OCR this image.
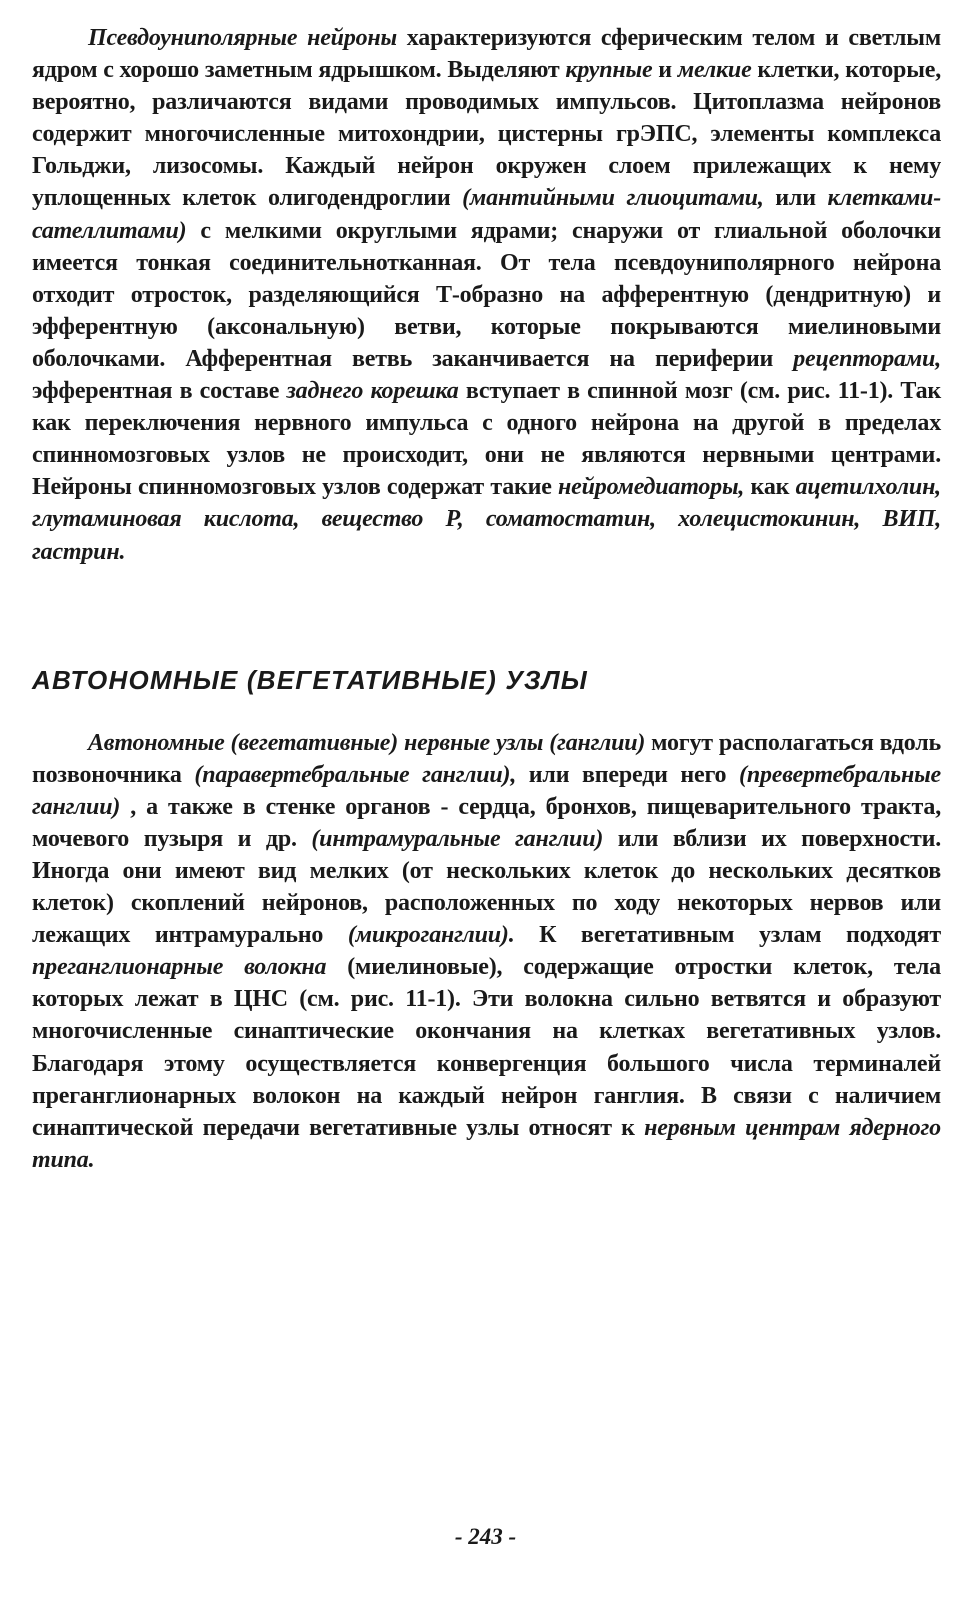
Псевдоуниполярные нейроны характеризуются сферическим телом и светлым ядром с хорошо заметным ядрышком. Выделяют крупные и мелкие клетки, которые, вероятно, различаются видами проводимых импульсов. Цитоплазма нейронов содержит многочисленные митохондрии, цистерны грЭПС, элементы комплекса Гольджи, лизосомы. Каждый нейрон окружен слоем прилежащих к нему уплощенных клеток олигодендроглии (мантийными глиоцитами, или клетками-сателлитами) с мелкими округлыми ядрами; снаружи от глиальной оболочки имеется тонкая соединительнотканная. От тела псевдоуниполярного нейрона отходит отросток, разделяющийся Т-образно на афферентную (дендритную) и эфферентную (аксональную) ветви, которые покрываются миелиновыми оболочками. Афферентная ветвь заканчивается на периферии рецепторами, эфферентная в составе заднего корешка вступает в спинной мозг (см. рис. 11-1). Так как переключения нервного импульса с одного нейрона на другой в пределах спинномозговых узлов не происходит, они не являются нервными центрами. Нейроны спинномозговых узлов содержат такие нейромедиаторы, как ацетилхолин, глутаминовая кислота, вещество Р, соматостатин, холецистокинин, ВИП, гастрин.

АВТОНОМНЫЕ (ВЕГЕТАТИВНЫЕ) УЗЛЫ

Автономные (вегетативные) нервные узлы (ганглии) могут располагаться вдоль позвоночника (паравертебральные ганглии), или впереди него (превертебральные ганглии) , а также в стенке органов - сердца, бронхов, пищеварительного тракта, мочевого пузыря и др. (интрамуральные ганглии) или вблизи их поверхности. Иногда они имеют вид мелких (от нескольких клеток до нескольких десятков клеток) скоплений нейронов, расположенных по ходу некоторых нервов или лежащих интрамурально (микроганглии). К вегетативным узлам подходят преганглионарные волокна (миелиновые), содержащие отростки клеток, тела которых лежат в ЦНС (см. рис. 11-1). Эти волокна сильно ветвятся и образуют многочисленные синаптические окончания на клетках вегетативных узлов. Благодаря этому осуществляется конвергенция большого числа терминалей преганглионарных волокон на каждый нейрон ганглия. В связи с наличием синаптической передачи вегетативные узлы относят к нервным центрам ядерного типа.

- 243 -
